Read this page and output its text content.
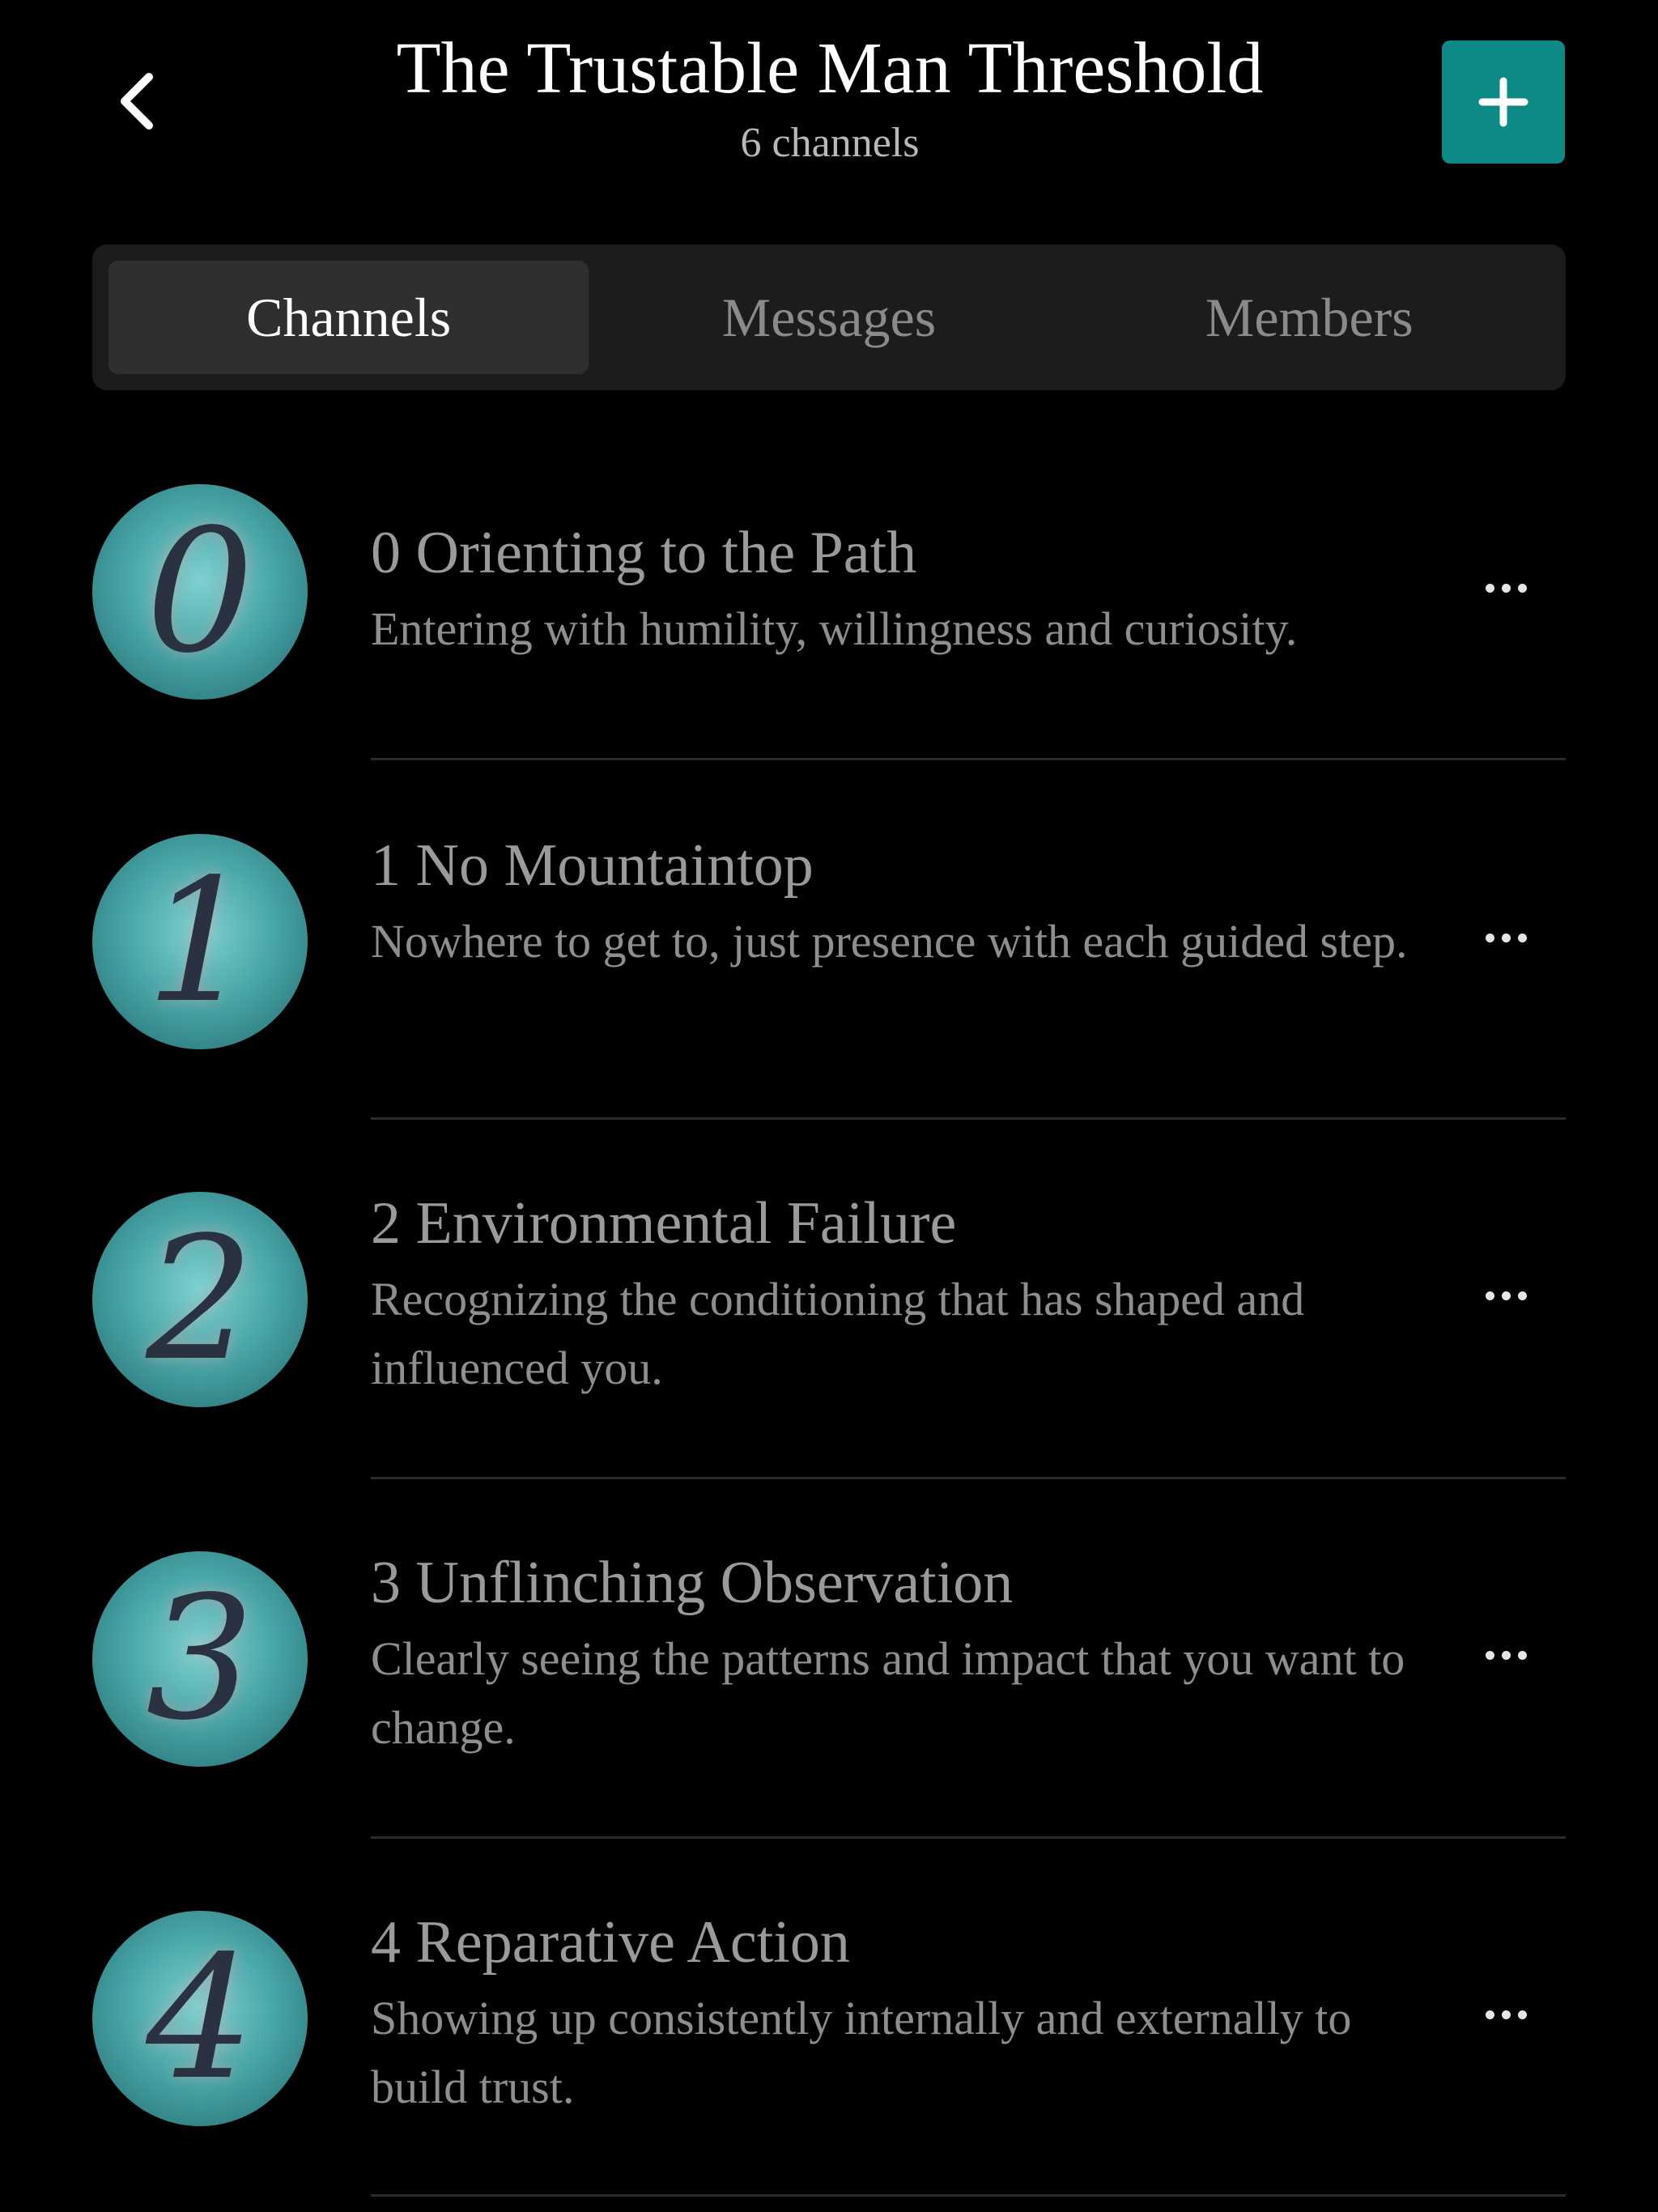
The Trustable Man Threshold
6 channels
Channels	Messages	Members
0 0 Orienting to the Path
Entering with humility, willingness and curiosity.
1 1 No Mountaintop
Nowhere to get to, just presence with each guided step.
2 2 Environmental Failure
Recognizing the conditioning that has shaped and influenced you.
3 3 Unflinching Observation
Clearly seeing the patterns and impact that you want to change.
4 4 Reparative Action
Showing up consistently internally and externally to build trust.
